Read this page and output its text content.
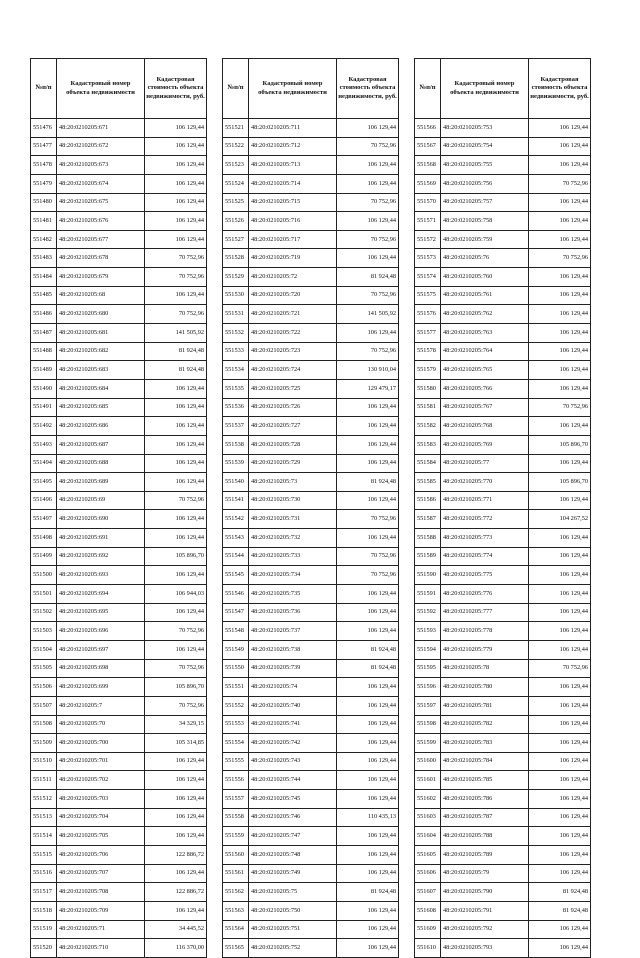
№п/п	Кадастровый номер объекта недвижимости	Кадастровая стоимость объекта недвижимости, руб.
551476	48:20:0210205:671	106 129,44
551477	48:20:0210205:672	106 129,44
551478	48:20:0210205:673	106 129,44
551479	48:20:0210205:674	106 129,44
551480	48:20:0210205:675	106 129,44
551481	48:20:0210205:676	106 129,44
551482	48:20:0210205:677	106 129,44
551483	48:20:0210205:678	70 752,96
551484	48:20:0210205:679	70 752,96
551485	48:20:0210205:68	106 129,44
551486	48:20:0210205:680	70 752,96
551487	48:20:0210205:681	141 505,92
551488	48:20:0210205:682	81 924,48
551489	48:20:0210205:683	81 924,48
551490	48:20:0210205:684	106 129,44
551491	48:20:0210205:685	106 129,44
551492	48:20:0210205:686	106 129,44
551493	48:20:0210205:687	106 129,44
551494	48:20:0210205:688	106 129,44
551495	48:20:0210205:689	106 129,44
551496	48:20:0210205:69	70 752,96
551497	48:20:0210205:690	106 129,44
551498	48:20:0210205:691	106 129,44
551499	48:20:0210205:692	105 896,70
551500	48:20:0210205:693	106 129,44
551501	48:20:0210205:694	106 944,03
551502	48:20:0210205:695	106 129,44
551503	48:20:0210205:696	70 752,96
551504	48:20:0210205:697	106 129,44
551505	48:20:0210205:698	70 752,96
551506	48:20:0210205:699	105 896,70
551507	48:20:0210205:7	70 752,96
551508	48:20:0210205:70	34 329,15
551509	48:20:0210205:700	105 314,85
551510	48:20:0210205:701	106 129,44
551511	48:20:0210205:702	106 129,44
551512	48:20:0210205:703	106 129,44
551513	48:20:0210205:704	106 129,44
551514	48:20:0210205:705	106 129,44
551515	48:20:0210205:706	122 886,72
551516	48:20:0210205:707	106 129,44
551517	48:20:0210205:708	122 886,72
551518	48:20:0210205:709	106 129,44
551519	48:20:0210205:71	34 445,52
551520	48:20:0210205:710	116 370,00
№п/п	Кадастровый номер объекта недвижимости	Кадастровая стоимость объекта недвижимости, руб.
551521	48:20:0210205:711	106 129,44
551522	48:20:0210205:712	70 752,96
551523	48:20:0210205:713	106 129,44
551524	48:20:0210205:714	106 129,44
551525	48:20:0210205:715	70 752,96
551526	48:20:0210205:716	106 129,44
551527	48:20:0210205:717	70 752,96
551528	48:20:0210205:719	106 129,44
551529	48:20:0210205:72	81 924,48
551530	48:20:0210205:720	70 752,96
551531	48:20:0210205:721	141 505,92
551532	48:20:0210205:722	106 129,44
551533	48:20:0210205:723	70 752,96
551534	48:20:0210205:724	130 910,04
551535	48:20:0210205:725	129 479,17
551536	48:20:0210205:726	106 129,44
551537	48:20:0210205:727	106 129,44
551538	48:20:0210205:728	106 129,44
551539	48:20:0210205:729	106 129,44
551540	48:20:0210205:73	81 924,48
551541	48:20:0210205:730	106 129,44
551542	48:20:0210205:731	70 752,96
551543	48:20:0210205:732	106 129,44
551544	48:20:0210205:733	70 752,96
551545	48:20:0210205:734	70 752,96
551546	48:20:0210205:735	106 129,44
551547	48:20:0210205:736	106 129,44
551548	48:20:0210205:737	106 129,44
551549	48:20:0210205:738	81 924,48
551550	48:20:0210205:739	81 924,48
551551	48:20:0210205:74	106 129,44
551552	48:20:0210205:740	106 129,44
551553	48:20:0210205:741	106 129,44
551554	48:20:0210205:742	106 129,44
551555	48:20:0210205:743	106 129,44
551556	48:20:0210205:744	106 129,44
551557	48:20:0210205:745	106 129,44
551558	48:20:0210205:746	110 435,13
551559	48:20:0210205:747	106 129,44
551560	48:20:0210205:748	106 129,44
551561	48:20:0210205:749	106 129,44
551562	48:20:0210205:75	81 924,48
551563	48:20:0210205:750	106 129,44
551564	48:20:0210205:751	106 129,44
551565	48:20:0210205:752	106 129,44
№п/п	Кадастровый номер объекта недвижимости	Кадастровая стоимость объекта недвижимости, руб.
551566	48:20:0210205:753	106 129,44
551567	48:20:0210205:754	106 129,44
551568	48:20:0210205:755	106 129,44
551569	48:20:0210205:756	70 752,96
551570	48:20:0210205:757	106 129,44
551571	48:20:0210205:758	106 129,44
551572	48:20:0210205:759	106 129,44
551573	48:20:0210205:76	70 752,96
551574	48:20:0210205:760	106 129,44
551575	48:20:0210205:761	106 129,44
551576	48:20:0210205:762	106 129,44
551577	48:20:0210205:763	106 129,44
551578	48:20:0210205:764	106 129,44
551579	48:20:0210205:765	106 129,44
551580	48:20:0210205:766	106 129,44
551581	48:20:0210205:767	70 752,96
551582	48:20:0210205:768	106 129,44
551583	48:20:0210205:769	105 896,70
551584	48:20:0210205:77	106 129,44
551585	48:20:0210205:770	105 896,70
551586	48:20:0210205:771	106 129,44
551587	48:20:0210205:772	104 267,52
551588	48:20:0210205:773	106 129,44
551589	48:20:0210205:774	106 129,44
551590	48:20:0210205:775	106 129,44
551591	48:20:0210205:776	106 129,44
551592	48:20:0210205:777	106 129,44
551593	48:20:0210205:778	106 129,44
551594	48:20:0210205:779	106 129,44
551595	48:20:0210205:78	70 752,96
551596	48:20:0210205:780	106 129,44
551597	48:20:0210205:781	106 129,44
551598	48:20:0210205:782	106 129,44
551599	48:20:0210205:783	106 129,44
551600	48:20:0210205:784	106 129,44
551601	48:20:0210205:785	106 129,44
551602	48:20:0210205:786	106 129,44
551603	48:20:0210205:787	106 129,44
551604	48:20:0210205:788	106 129,44
551605	48:20:0210205:789	106 129,44
551606	48:20:0210205:79	106 129,44
551607	48:20:0210205:790	81 924,48
551608	48:20:0210205:791	81 924,48
551609	48:20:0210205:792	106 129,44
551610	48:20:0210205:793	106 129,44
